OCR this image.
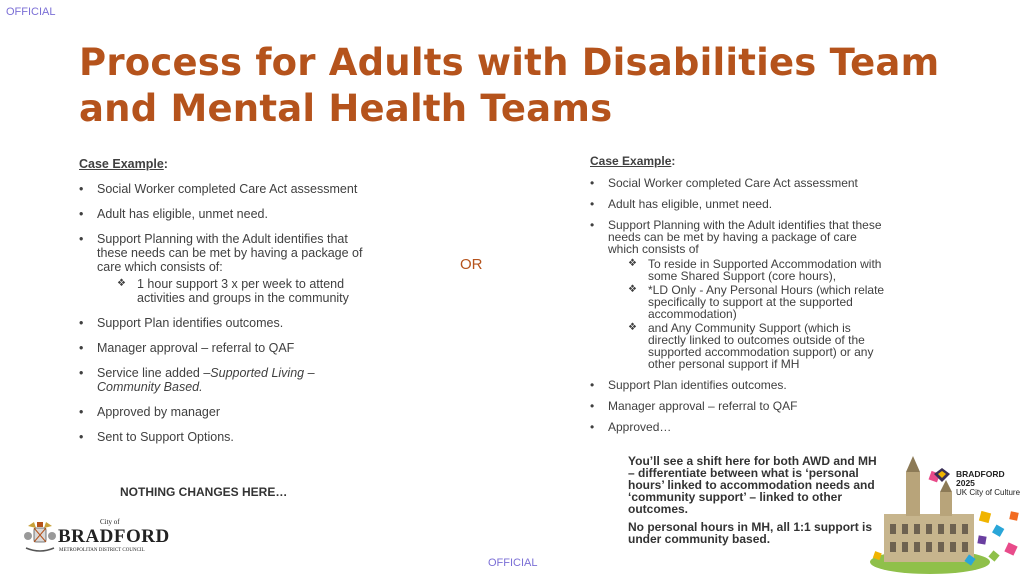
OFFICIAL
Process for Adults with Disabilities Team and Mental Health Teams
Case Example:
• Social Worker completed Care Act assessment
• Adult has eligible, unmet need.
• Support Planning with the Adult identifies that these needs can be met by having a package of care which consists of:
❖ 1 hour support 3 x per week to attend activities and groups in the community
• Support Plan identifies outcomes.
• Manager approval – referral to QAF
• Service line added –Supported Living – Community Based.
• Approved by manager
• Sent to Support Options.
NOTHING CHANGES HERE…
OR
Case Example:
• Social Worker completed Care Act assessment
• Adult has eligible, unmet need.
• Support Planning with the Adult identifies that these needs can be met by having a package of care which consists of
❖ To reside in Supported Accommodation with some Shared Support (core hours),
❖ *LD Only - Any Personal Hours (which relate specifically to support at the supported accommodation)
❖ and Any Community Support (which is directly linked to outcomes outside of the supported accommodation support) or any other personal support if MH
• Support Plan identifies outcomes.
• Manager approval – referral to QAF
• Approved…

You’ll see a shift here for both AWD and MH – differentiate between what is ‘personal hours’ linked to accommodation needs and ‘community support’ – linked to other outcomes.

No personal hours in MH, all 1:1 support is under community based.

City of
BRADFORD
METROPOLITAN DISTRICT COUNCIL
BRADFORD 2025
UK City of Culture
OFFICIAL
